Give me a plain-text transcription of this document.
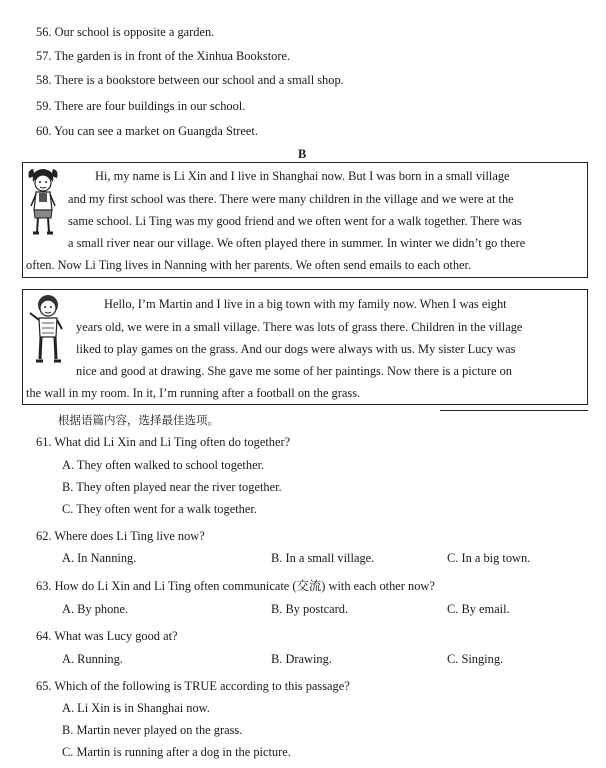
56. Our school is opposite a garden.
57. The garden is in front of the Xinhua Bookstore.
58. There is a bookstore between our school and a small shop.
59. There are four buildings in our school.
60. You can see a market on Guangda Street.
B
Hi, my name is Li Xin and I live in Shanghai now. But I was born in a small village
and my first school was there. There were many children in the village and we were at the
same school. Li Ting was my good friend and we often went for a walk together. There was
a small river near our village. We often played there in summer. In winter we didn’t go there
often. Now Li Ting lives in Nanning with her parents. We often send emails to each other.
Hello, I’m Martin and I live in a big town with my family now. When I was eight
years old, we were in a small village. There was lots of grass there. Children in the village
liked to play games on the grass. And our dogs were always with us. My sister Lucy was
nice and good at drawing. She gave me some of her paintings. Now there is a picture on
the wall in my room. In it, I’m running after a football on the grass.
根据语篇内容，选择最佳选项。
61. What did Li Xin and Li Ting often do together?
A. They often walked to school together.
B. They often played near the river together.
C. They often went for a walk together.
62. Where does Li Ting live now?
A. In Nanning.	B. In a small village.	C. In a big town.
63. How do Li Xin and Li Ting often communicate (交流) with each other now?
A. By phone.	B. By postcard.	C. By email.
64. What was Lucy good at?
A. Running.	B. Drawing.	C. Singing.
65. Which of the following is TRUE according to this passage?
A. Li Xin is in Shanghai now.
B. Martin never played on the grass.
C. Martin is running after a dog in the picture.
